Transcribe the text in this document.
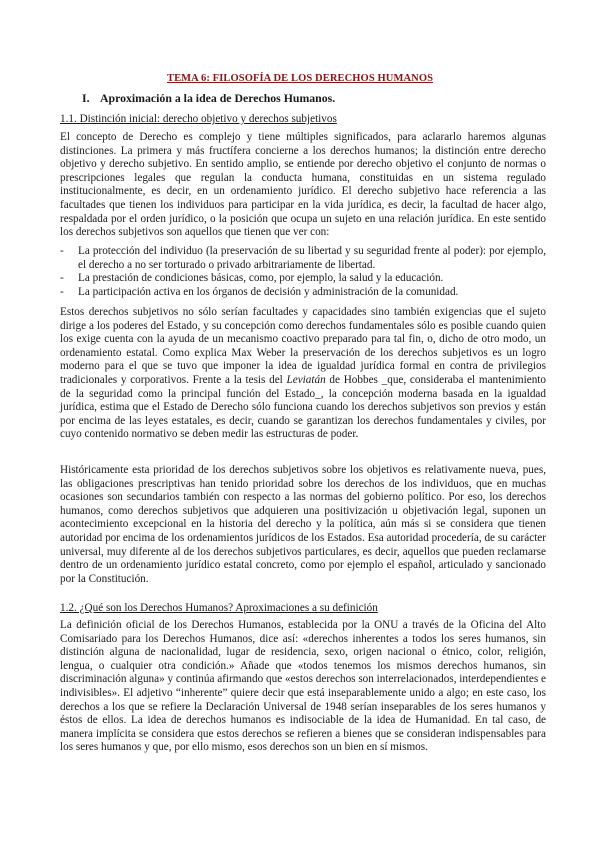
TEMA 6: FILOSOFÍA DE LOS DERECHOS HUMANOS
I. Aproximación a la idea de Derechos Humanos.
1.1. Distinción inicial: derecho objetivo y derechos subjetivos

El concepto de Derecho es complejo y tiene múltiples significados, para aclararlo haremos algunas distinciones. La primera y más fructífera concierne a los derechos humanos; la distinción entre derecho objetivo y derecho subjetivo. En sentido amplio, se entiende por derecho objetivo el conjunto de normas o prescripciones legales que regulan la conducta humana, constituidas en un sistema regulado institucionalmente, es decir, en un ordenamiento jurídico. El derecho subjetivo hace referencia a las facultades que tienen los individuos para participar en la vida jurídica, es decir, la facultad de hacer algo, respaldada por el orden jurídico, o la posición que ocupa un sujeto en una relación jurídica. En este sentido los derechos subjetivos son aquellos que tienen que ver con:

- La protección del individuo (la preservación de su libertad y su seguridad frente al poder): por ejemplo, el derecho a no ser torturado o privado arbitrariamente de libertad.
- La prestación de condiciones básicas, como, por ejemplo, la salud y la educación.
- La participación activa en los órganos de decisión y administración de la comunidad.

Estos derechos subjetivos no sólo serían facultades y capacidades sino también exigencias que el sujeto dirige a los poderes del Estado, y su concepción como derechos fundamentales sólo es posible cuando quien los exige cuenta con la ayuda de un mecanismo coactivo preparado para tal fin, o, dicho de otro modo, un ordenamiento estatal. Como explica Max Weber la preservación de los derechos subjetivos es un logro moderno para el que se tuvo que imponer la idea de igualdad jurídica formal en contra de privilegios tradicionales y corporativos. Frente a la tesis del Leviatán de Hobbes _que, consideraba el mantenimiento de la seguridad como la principal función del Estado_, la concepción moderna basada en la igualdad jurídica, estima que el Estado de Derecho sólo funciona cuando los derechos subjetivos son previos y están por encima de las leyes estatales, es decir, cuando se garantizan los derechos fundamentales y civiles, por cuyo contenido normativo se deben medir las estructuras de poder.

Históricamente esta prioridad de los derechos subjetivos sobre los objetivos es relativamente nueva, pues, las obligaciones prescriptivas han tenido prioridad sobre los derechos de los individuos, que en muchas ocasiones son secundarios también con respecto a las normas del gobierno político. Por eso, los derechos humanos, como derechos subjetivos que adquieren una positivización u objetivación legal, suponen un acontecimiento excepcional en la historia del derecho y la política, aún más si se considera que tienen autoridad por encima de los ordenamientos jurídicos de los Estados. Esa autoridad procedería, de su carácter universal, muy diferente al de los derechos subjetivos particulares, es decir, aquellos que pueden reclamarse dentro de un ordenamiento jurídico estatal concreto, como por ejemplo el español, articulado y sancionado por la Constitución.

1.2. ¿Qué son los Derechos Humanos? Aproximaciones a su definición

La definición oficial de los Derechos Humanos, establecida por la ONU a través de la Oficina del Alto Comisariado para los Derechos Humanos, dice así: «derechos inherentes a todos los seres humanos, sin distinción alguna de nacionalidad, lugar de residencia, sexo, origen nacional o étnico, color, religión, lengua, o cualquier otra condición.» Añade que «todos tenemos los mismos derechos humanos, sin discriminación alguna» y continúa afirmando que «estos derechos son interrelacionados, interdependientes e indivisibles». El adjetivo “inherente” quiere decir que está inseparablemente unido a algo; en este caso, los derechos a los que se refiere la Declaración Universal de 1948 serían inseparables de los seres humanos y éstos de ellos. La idea de derechos humanos es indisociable de la idea de Humanidad. En tal caso, de manera implícita se considera que estos derechos se refieren a bienes que se consideran indispensables para los seres humanos y que, por ello mismo, esos derechos son un bien en sí mismos.
